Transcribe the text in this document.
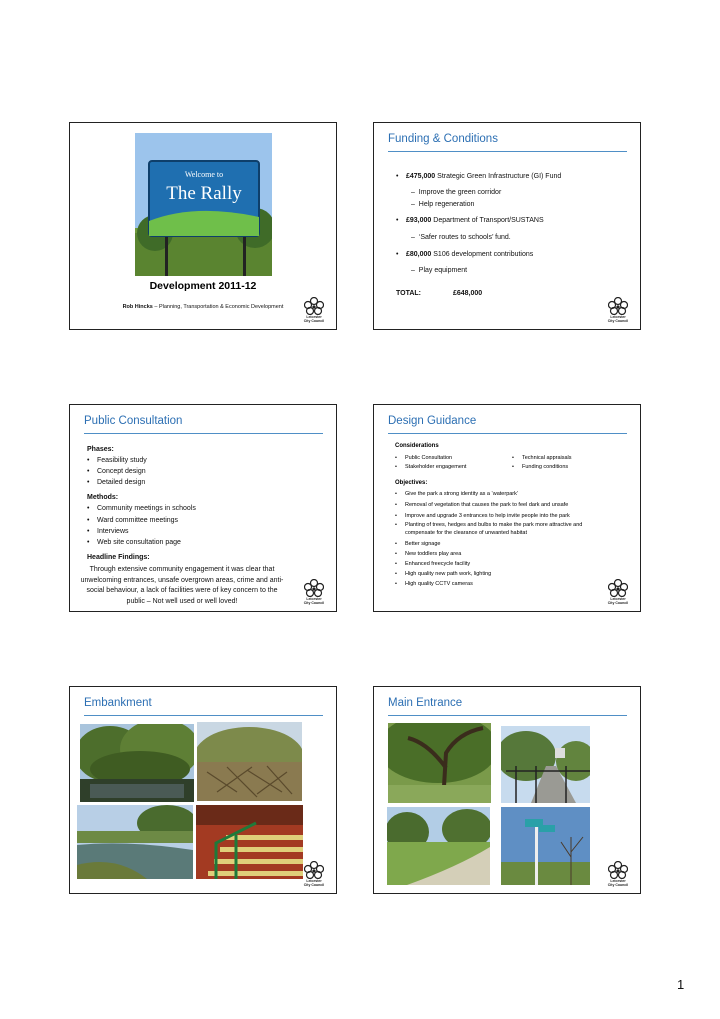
Welcome to
The Rally
Development 2011-12
Rob Hincks – Planning, Transportation & Economic Development
Leicester
City Council
Funding & Conditions
• £475,000 Strategic Green Infrastructure (GI) Fund
–  Improve the green corridor
–  Help regeneration
• £93,000 Department of Transport/SUSTANS
–  ‘Safer routes to schools’ fund.
• £80,000 S106 development contributions
–  Play equipment
TOTAL:	£648,000
Leicester
City Council
Public Consultation
Phases:
• Feasibility study
• Concept design
• Detailed design
Methods:
• Community meetings in schools
• Ward committee meetings
• Interviews
• Web site consultation page
Headline Findings:
Through extensive community engagement it was clear that
unwelcoming entrances, unsafe overgrown areas, crime and anti-
social behaviour, a lack of facilities were of key concern to the
public – Not well used or well loved!	Leicester
City Council
Design Guidance
Considerations
• Public Consultation
• Stakeholder engagement
• Technical appraisals
• Funding conditions
Objectives:
• Give the park a strong identity as a ‘waterpark’
• Removal of vegetation that causes the park to feel dark and unsafe
• Improve and upgrade 3 entrances to help invite people into the park
• Planting of trees, hedges and bulbs to make the park more attractive and
compensate for the clearance of unwanted habitat
• Better signage
• New toddlers play area
• Enhanced freecycle facility
• High quality new path work, lighting
• High quality CCTV cameras
Leicester
City Council
Embankment
Leicester
City Council
Main Entrance
Leicester
City Council
1
